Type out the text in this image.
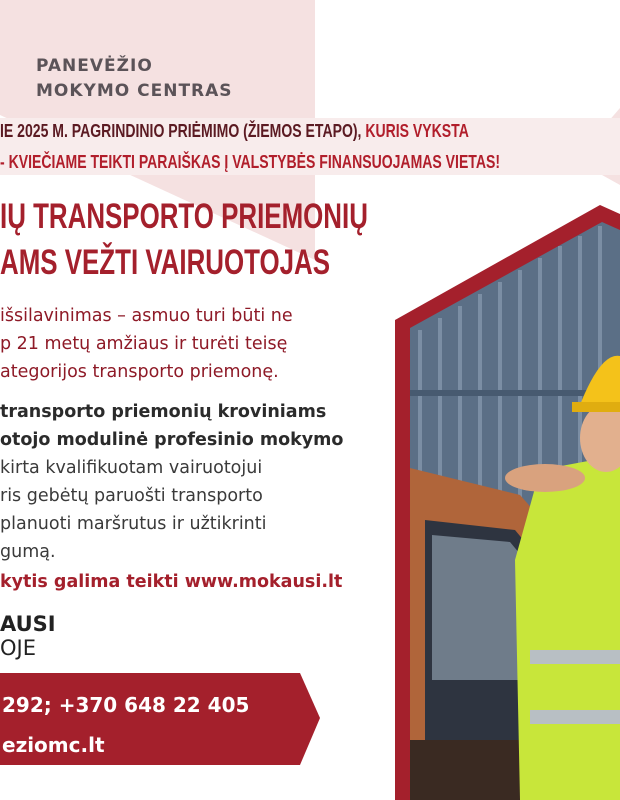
PANEVĖŽIO
MOKYMO CENTRAS
IE 2025 M. PAGRINDINIO PRIĖMIMO (ŽIEMOS ETAPO), KURIS VYKSTA
- KVIEČIAME TEIKTI PARAIŠKAS Į VALSTYBĖS FINANSUOJAMAS VIETAS!
IŲ TRANSPORTO PRIEMONIŲ
AMS VEŽTI VAIRUOTOJAS
išsilavinimas – asmuo turi būti ne
p 21 metų amžiaus ir turėti teisę
ategorijos transporto priemonę.
transporto priemonių kroviniams
otojo modulinė profesinio mokymo
kirta kvalifikuotam vairuotojui
ris gebėtų paruošti transporto
planuoti maršrutus ir užtikrinti
gumą.
kytis galima teikti www.mokausi.lt
AUSI
OJE
292; +370 648 22 405
eziomc.lt
